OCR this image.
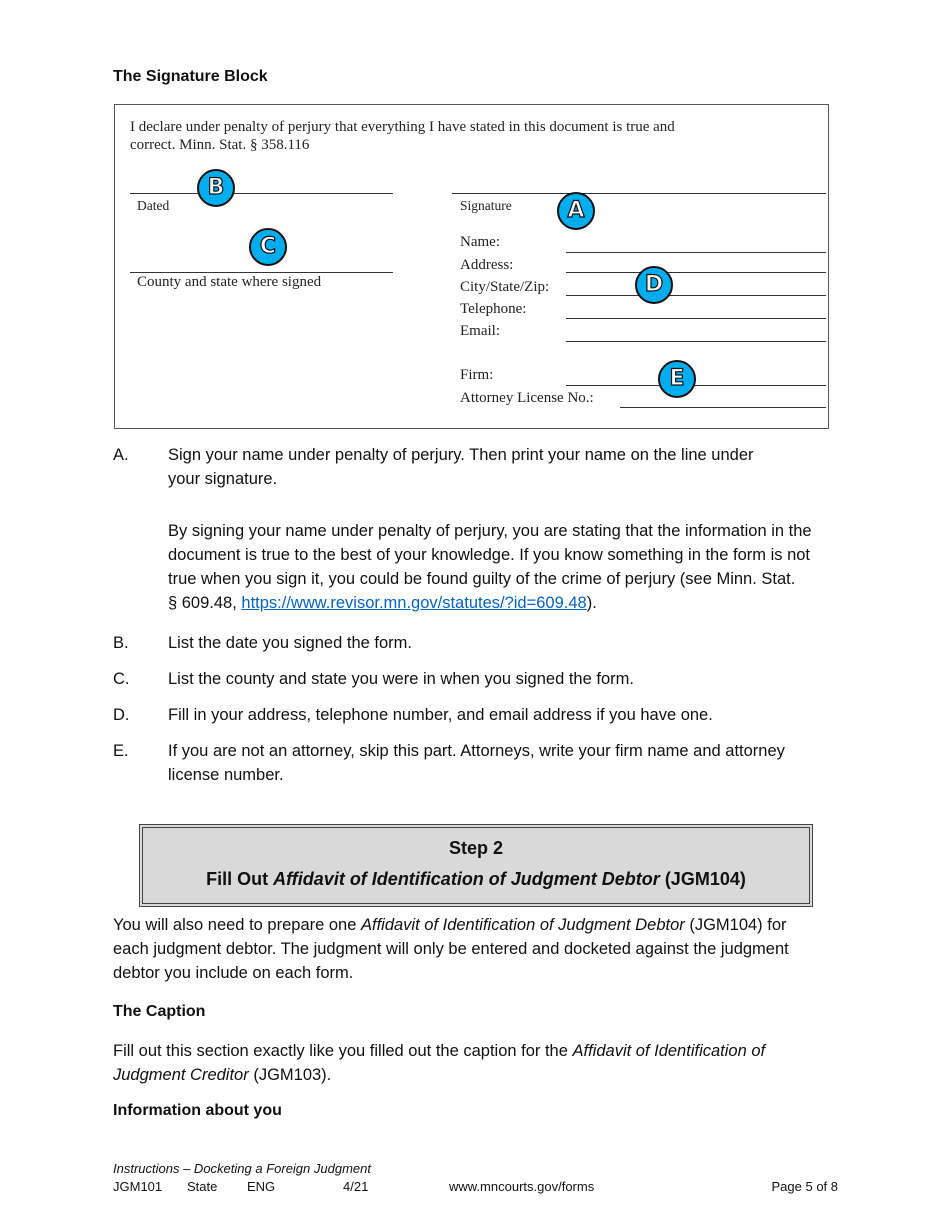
The Signature Block
I declare under penalty of perjury that everything I have stated in this document is true and
correct. Minn. Stat. § 358.116
Dated
County and state where signed
Signature
Name:
Address:
City/State/Zip:
Telephone:
Email:
Firm:
Attorney License No.:
B
A
C
D
E
A. Sign your name under penalty of perjury. Then print your name on the line under
your signature.
By signing your name under penalty of perjury, you are stating that the information in the
document is true to the best of your knowledge. If you know something in the form is not
true when you sign it, you could be found guilty of the crime of perjury (see Minn. Stat.
§ 609.48, https://www.revisor.mn.gov/statutes/?id=609.48).
B. List the date you signed the form.
C. List the county and state you were in when you signed the form.
D. Fill in your address, telephone number, and email address if you have one.
E. If you are not an attorney, skip this part. Attorneys, write your firm name and attorney
license number.
Step 2
Fill Out Affidavit of Identification of Judgment Debtor (JGM104)
You will also need to prepare one Affidavit of Identification of Judgment Debtor (JGM104) for
each judgment debtor. The judgment will only be entered and docketed against the judgment
debtor you include on each form.
The Caption
Fill out this section exactly like you filled out the caption for the Affidavit of Identification of
Judgment Creditor (JGM103).
Information about you
Instructions – Docketing a Foreign Judgment
JGM101 State ENG	4/21	www.mncourts.gov/forms	Page 5 of 8
